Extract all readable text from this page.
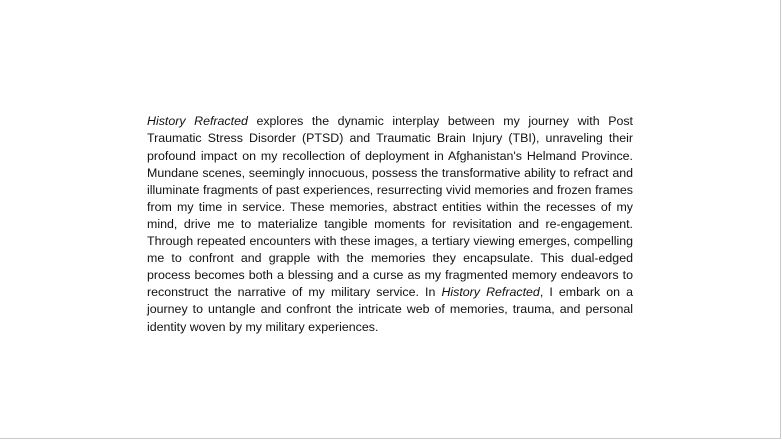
History Refracted explores the dynamic interplay between my journey with Post Traumatic Stress Disorder (PTSD) and Traumatic Brain Injury (TBI), unraveling their profound impact on my recollection of deployment in Afghanistan's Helmand Province. Mundane scenes, seemingly innocuous, possess the transformative ability to refract and illuminate fragments of past experiences, resurrecting vivid memories and frozen frames from my time in service. These memories, abstract entities within the recesses of my mind, drive me to materialize tangible moments for revisitation and re-engagement. Through repeated encounters with these images, a tertiary viewing emerges, compelling me to confront and grapple with the memories they encapsulate. This dual-edged process becomes both a blessing and a curse as my fragmented memory endeavors to reconstruct the narrative of my military service. In History Refracted, I embark on a journey to untangle and confront the intricate web of memories, trauma, and personal identity woven by my military experiences.
